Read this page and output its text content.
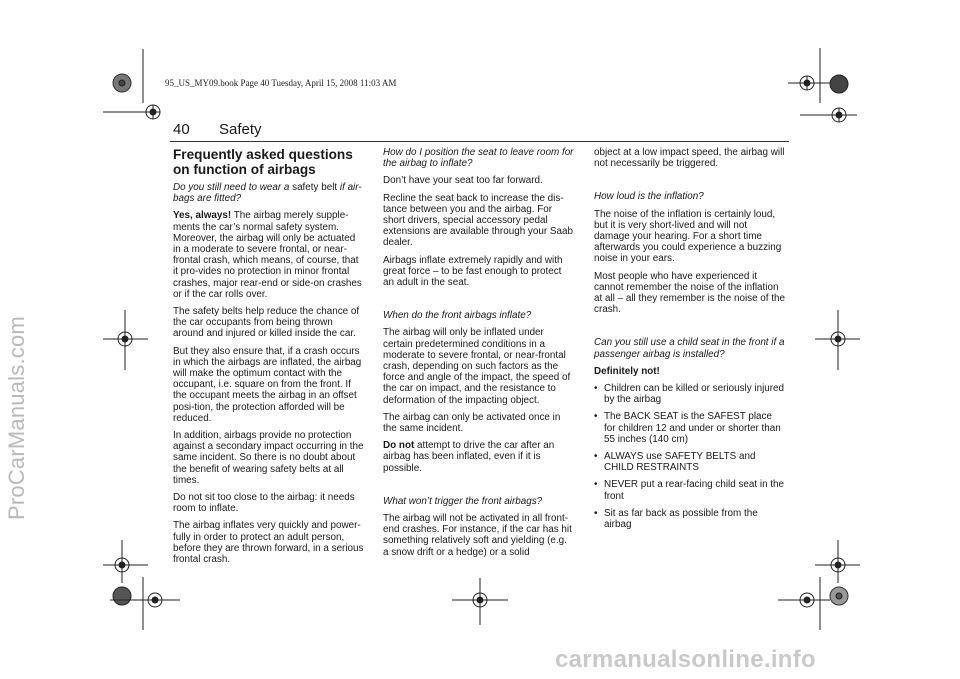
95_US_MY09.book Page 40 Tuesday, April 15, 2008 11:03 AM
ProCarManuals.com
carmanualsonline.info
40 Safety
Frequently asked questions on function of airbags

Do you still need to wear a safety belt if air-bags are fitted?

Yes, always! The airbag merely supple-ments the car’s normal safety system. Moreover, the airbag will only be actuated in a moderate to severe frontal, or near-frontal crash, which means, of course, that it pro-vides no protection in minor frontal crashes, major rear-end or side-on crashes or if the car rolls over.

The safety belts help reduce the chance of the car occupants from being thrown around and injured or killed inside the car.

But they also ensure that, if a crash occurs in which the airbags are inflated, the airbag will make the optimum contact with the occupant, i.e. square on from the front. If the occupant meets the airbag in an offset posi-tion, the protection afforded will be reduced.

In addition, airbags provide no protection against a secondary impact occurring in the same incident. So there is no doubt about the benefit of wearing safety belts at all times.

Do not sit too close to the airbag: it needs room to inflate.

The airbag inflates very quickly and power-fully in order to protect an adult person, before they are thrown forward, in a serious frontal crash.

How do I position the seat to leave room for the airbag to inflate?

Don’t have your seat too far forward.

Recline the seat back to increase the dis-tance between you and the airbag. For short drivers, special accessory pedal extensions are available through your Saab dealer.

Airbags inflate extremely rapidly and with great force – to be fast enough to protect an adult in the seat.

When do the front airbags inflate?

The airbag will only be inflated under certain predetermined conditions in a moderate to severe frontal, or near-frontal crash, depending on such factors as the force and angle of the impact, the speed of the car on impact, and the resistance to deformation of the impacting object.

The airbag can only be activated once in the same incident.

Do not attempt to drive the car after an airbag has been inflated, even if it is possible.

What won’t trigger the front airbags?

The airbag will not be activated in all front-end crashes. For instance, if the car has hit something relatively soft and yielding (e.g. a snow drift or a hedge) or a solid

object at a low impact speed, the airbag will not necessarily be triggered.

How loud is the inflation?

The noise of the inflation is certainly loud, but it is very short-lived and will not damage your hearing. For a short time afterwards you could experience a buzzing noise in your ears.

Most people who have experienced it cannot remember the noise of the inflation at all – all they remember is the noise of the crash.

Can you still use a child seat in the front if a passenger airbag is installed?

Definitely not!

• Children can be killed or seriously injured by the airbag
• The BACK SEAT is the SAFEST place for children 12 and under or shorter than 55 inches (140 cm)
• ALWAYS use SAFETY BELTS and CHILD RESTRAINTS
• NEVER put a rear-facing child seat in the front
• Sit as far back as possible from the airbag
